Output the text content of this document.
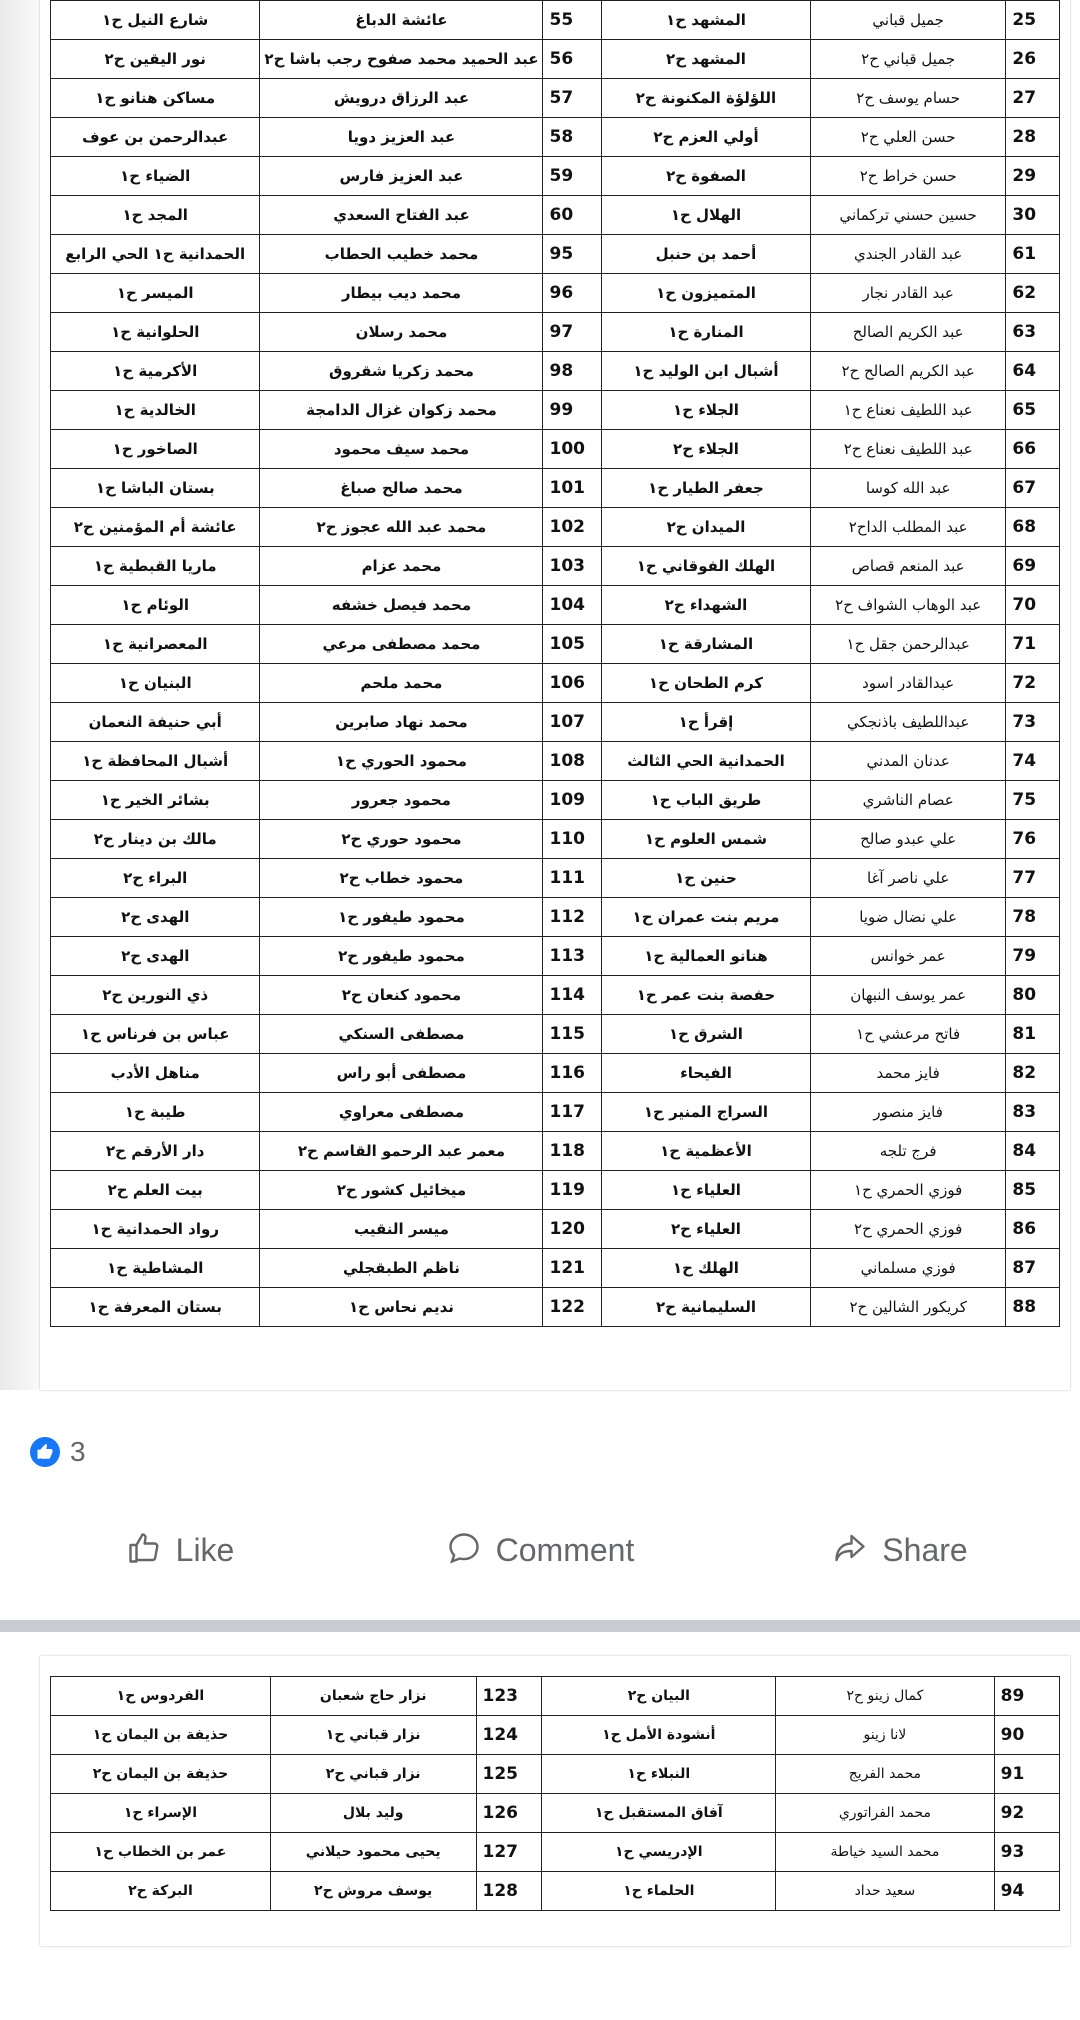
شارع النيل ح١	عائشة الدباغ	55	المشهد ح١	جميل قباني	25
نور اليقين ح٢	عبد الحميد محمد صفوح رجب باشا ح٢	56	المشهد ح٢	جميل قباني ح٢	26
مساكن هنانو ح١	عبد الرزاق درويش	57	اللؤلؤة المكنونة ح٢	حسام يوسف ح٢	27
عبدالرحمن بن عوف	عبد العزيز دويا	58	أولي العزم ح٢	حسن العلي ح٢	28
الضياء ح١	عبد العزيز فارس	59	الصفوة ح٢	حسن خراط ح٢	29
المجد ح١	عبد الفتاح السعدي	60	الهلال ح١	حسين حسني تركماني	30
الحمدانية ح١ الحي الرابع	محمد خطيب الحطاب	95	أحمد بن حنبل	عبد القادر الجندي	61
الميسر ح١	محمد ديب بيطار	96	المتميزون ح١	عبد القادر نجار	62
الحلوانية ح١	محمد رسلان	97	المنارة ح١	عبد الكريم الصالح	63
الأكرمية ح١	محمد زكريا شقروق	98	أشبال ابن الوليد ح١	عبد الكريم الصالح ح٢	64
الخالدية ح١	محمد زكوان غزال الدامجة	99	الجلاء ح١	عبد اللطيف نعناع ح١	65
الصاخور ح١	محمد سيف محمود	100	الجلاء ح٢	عبد اللطيف نعناع ح٢	66
بستان الباشا ح١	محمد صالح صباغ	101	جعفر الطيار ح١	عبد الله كوسا	67
عائشة أم المؤمنين ح٢	محمد عبد الله عجوز ح٢	102	الميدان ح٢	عبد المطلب الداح٢	68
ماريا القبطية ح١	محمد عزام	103	الهلك الفوقاني ح١	عبد المنعم قصاص	69
الوئام ح١	محمد فيصل خشفه	104	الشهداء ح٢	عبد الوهاب الشواف ح٢	70
المعصرانية ح١	محمد مصطفى مرعي	105	المشارقة ح١	عبدالرحمن جقل ح١	71
البنيان ح١	محمد ملحم	106	كرم الطحان ح١	عبدالقادر اسود	72
أبي حنيفة النعمان	محمد نهاد صابرين	107	إقرأ ح١	عبداللطيف باذنجكي	73
أشبال المحافظة ح١	محمود الحوري ح١	108	الحمدانية الحي الثالث	عدنان المدني	74
بشائر الخير ح١	محمود جعرور	109	طريق الباب ح١	عصام الناشري	75
مالك بن دينار ح٢	محمود حوري ح٢	110	شمس العلوم ح١	علي عبدو صالح	76
البراء ح٢	محمود خطاب ح٢	111	حنين ح١	علي ناصر آغا	77
الهدى ح٢	محمود طيفور ح١	112	مريم بنت عمران ح١	علي نضال ضويا	78
الهدى ح٢	محمود طيفور ح٢	113	هنانو العمالية ح١	عمر خوانس	79
ذي النورين ح٢	محمود كنعان ح٢	114	حفصة بنت عمر ح١	عمر يوسف النبهان	80
عباس بن فرناس ح١	مصطفى السنكي	115	الشرق ح١	فاتح مرعشي ح١	81
مناهل الأدب	مصطفى أبو راس	116	الفيحاء	فايز محمد	82
طيبة ح١	مصطفى معراوي	117	السراج المنير ح١	فايز منصور	83
دار الأرقم ح٢	معمر عبد الرحمو القاسم ح٢	118	الأعظمية ح١	فرج تلجه	84
بيت العلم ح٢	ميخائيل كشور ح٢	119	العلياء ح١	فوزي الحمري ح١	85
رواد الحمدانية ح١	ميسر النقيب	120	العلياء ح٢	فوزي الحمري ح٢	86
المشاطية ح١	ناظم الطبقجلي	121	الهلك ح١	فوزي مسلماني	87
بستان المعرفة ح١	نديم نحاس ح١	122	السليمانية ح٢	كريكور الشالين ح٢	88
3
Like	Comment	Share
الفردوس ح١	نزار حاج شعبان	123	البيان ح٢	كمال زينو ح٢	89
حذيفة بن اليمان ح١	نزار قباني ح١	124	أنشودة الأمل ح١	لانا زينو	90
حذيفة بن اليمان ح٢	نزار قباني ح٢	125	النبلاء ح١	محمد الفريج	91
الإسراء ح١	وليد بلال	126	آفاق المستقبل ح١	محمد الفراتوري	92
عمر بن الخطاب ح١	يحيى محمود حيلاني	127	الإدريسي ح١	محمد السيد خياطة	93
البركة ح٢	يوسف مروش ح٢	128	الحلماء ح١	سعيد حداد	94
